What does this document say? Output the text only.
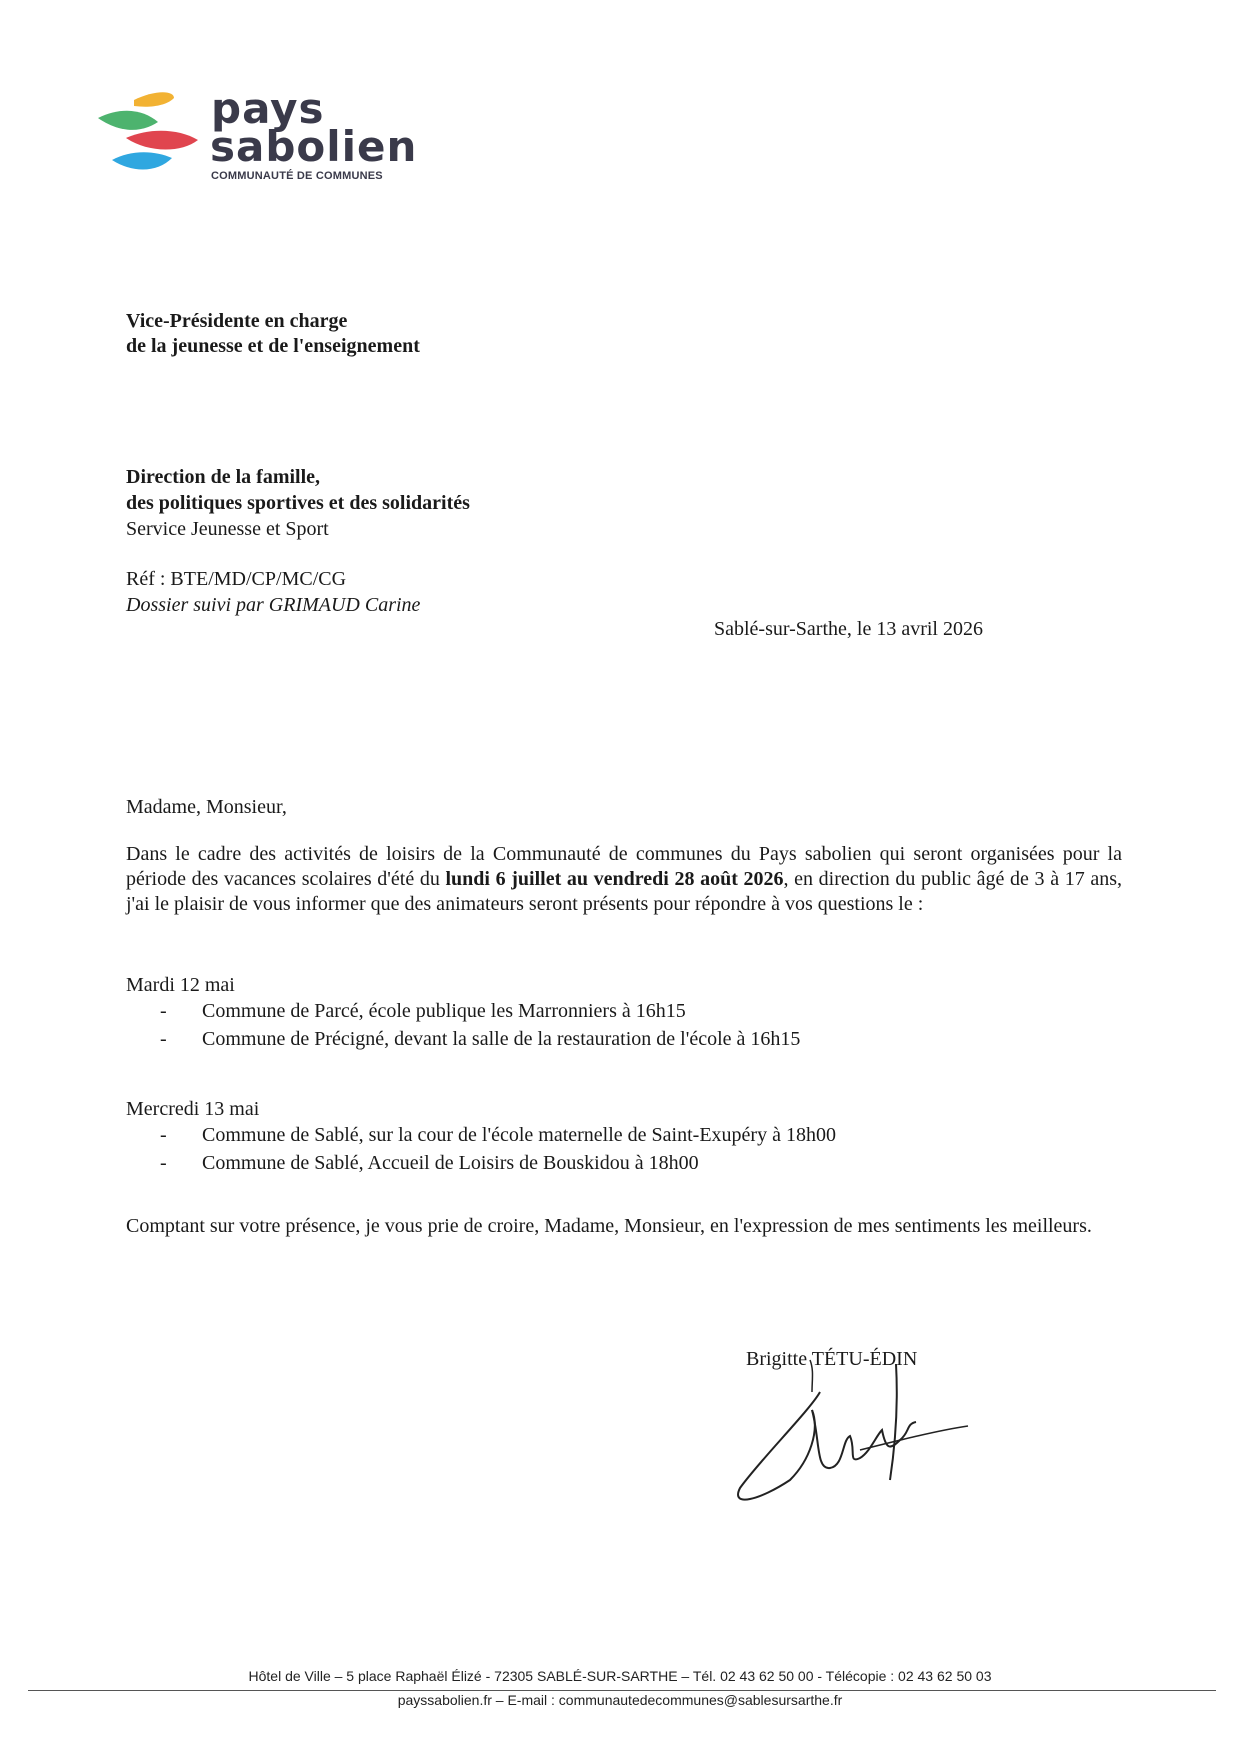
pays
sabolien
COMMUNAUTÉ DE COMMUNES
Vice-Présidente en charge
de la jeunesse et de l'enseignement
Direction de la famille,
des politiques sportives et des solidarités
Service Jeunesse et Sport
Réf : BTE/MD/CP/MC/CG
Dossier suivi par GRIMAUD Carine
Sablé-sur-Sarthe, le 13 avril 2026
Madame, Monsieur,
Dans le cadre des activités de loisirs de la Communauté de communes du Pays sabolien qui seront organisées pour la période des vacances scolaires d'été du lundi 6 juillet au vendredi 28 août 2026, en direction du public âgé de 3 à 17 ans, j'ai le plaisir de vous informer que des animateurs seront présents pour répondre à vos questions le :
Mardi 12 mai
- Commune de Parcé, école publique les Marronniers à 16h15
- Commune de Précigné, devant la salle de la restauration de l'école à 16h15
Mercredi 13 mai
- Commune de Sablé, sur la cour de l'école maternelle de Saint-Exupéry à 18h00
- Commune de Sablé, Accueil de Loisirs de Bouskidou à 18h00
Comptant sur votre présence, je vous prie de croire, Madame, Monsieur, en l'expression de mes sentiments les meilleurs.
Brigitte TÉTU-ÉDIN
Hôtel de Ville – 5 place Raphaël Élizé - 72305 SABLÉ-SUR-SARTHE – Tél. 02 43 62 50 00 - Télécopie : 02 43 62 50 03
payssabolien.fr – E-mail : communautedecommunes@sablesursarthe.fr
